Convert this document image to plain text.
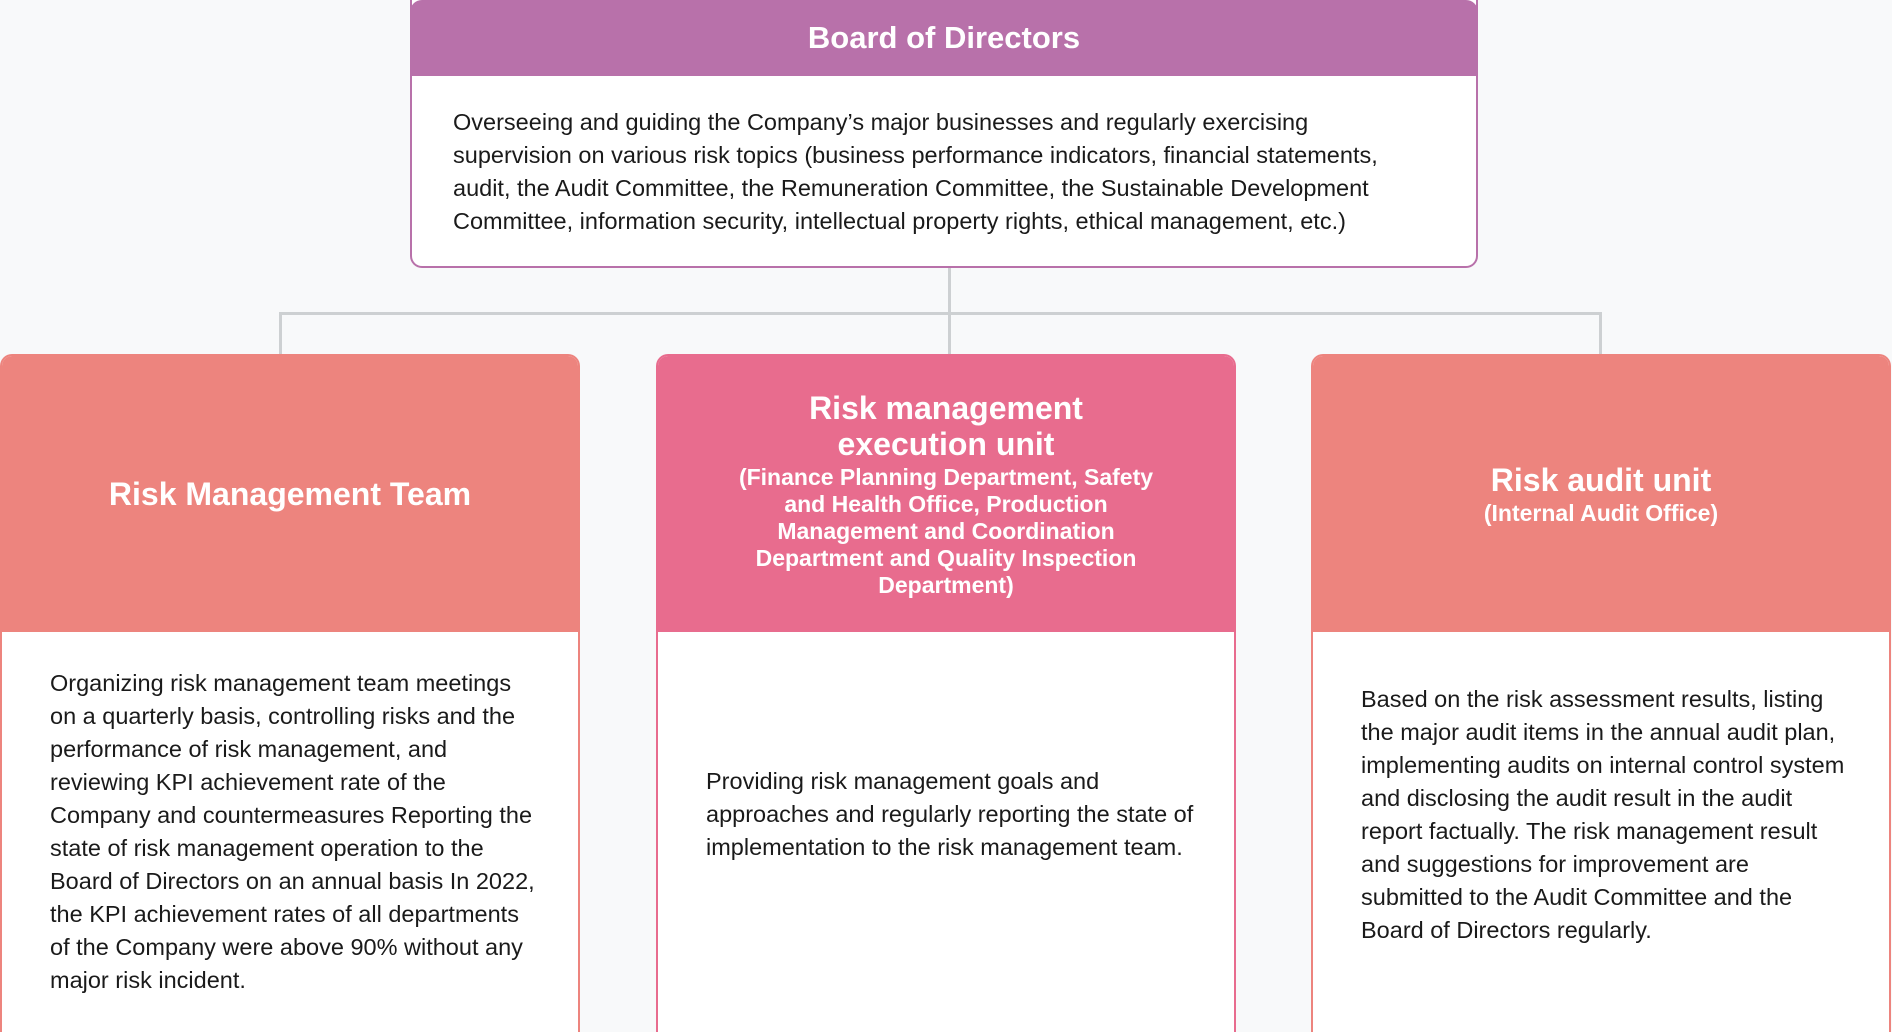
Board of Directors
Overseeing and guiding the Company’s major businesses and regularly exercising supervision on various risk topics (business performance indicators, financial statements, audit, the Audit Committee, the Remuneration Committee, the Sustainable Development Committee, information security, intellectual property rights, ethical management, etc.)
Risk Management Team
Organizing risk management team meetings on a quarterly basis, controlling risks and the performance of risk management, and reviewing KPI achievement rate of the Company and countermeasures Reporting the state of risk management operation to the Board of Directors on an annual basis In 2022, the KPI achievement rates of all departments of the Company were above 90% without any major risk incident.
Risk management execution unit
(Finance Planning Department, Safety and Health Office, Production Management and Coordination Department and Quality Inspection Department)
Providing risk management goals and approaches and regularly reporting the state of implementation to the risk management team.
Risk audit unit
(Internal Audit Office)
Based on the risk assessment results, listing the major audit items in the annual audit plan, implementing audits on internal control system and disclosing the audit result in the audit report factually. The risk management result and suggestions for improvement are submitted to the Audit Committee and the Board of Directors regularly.
